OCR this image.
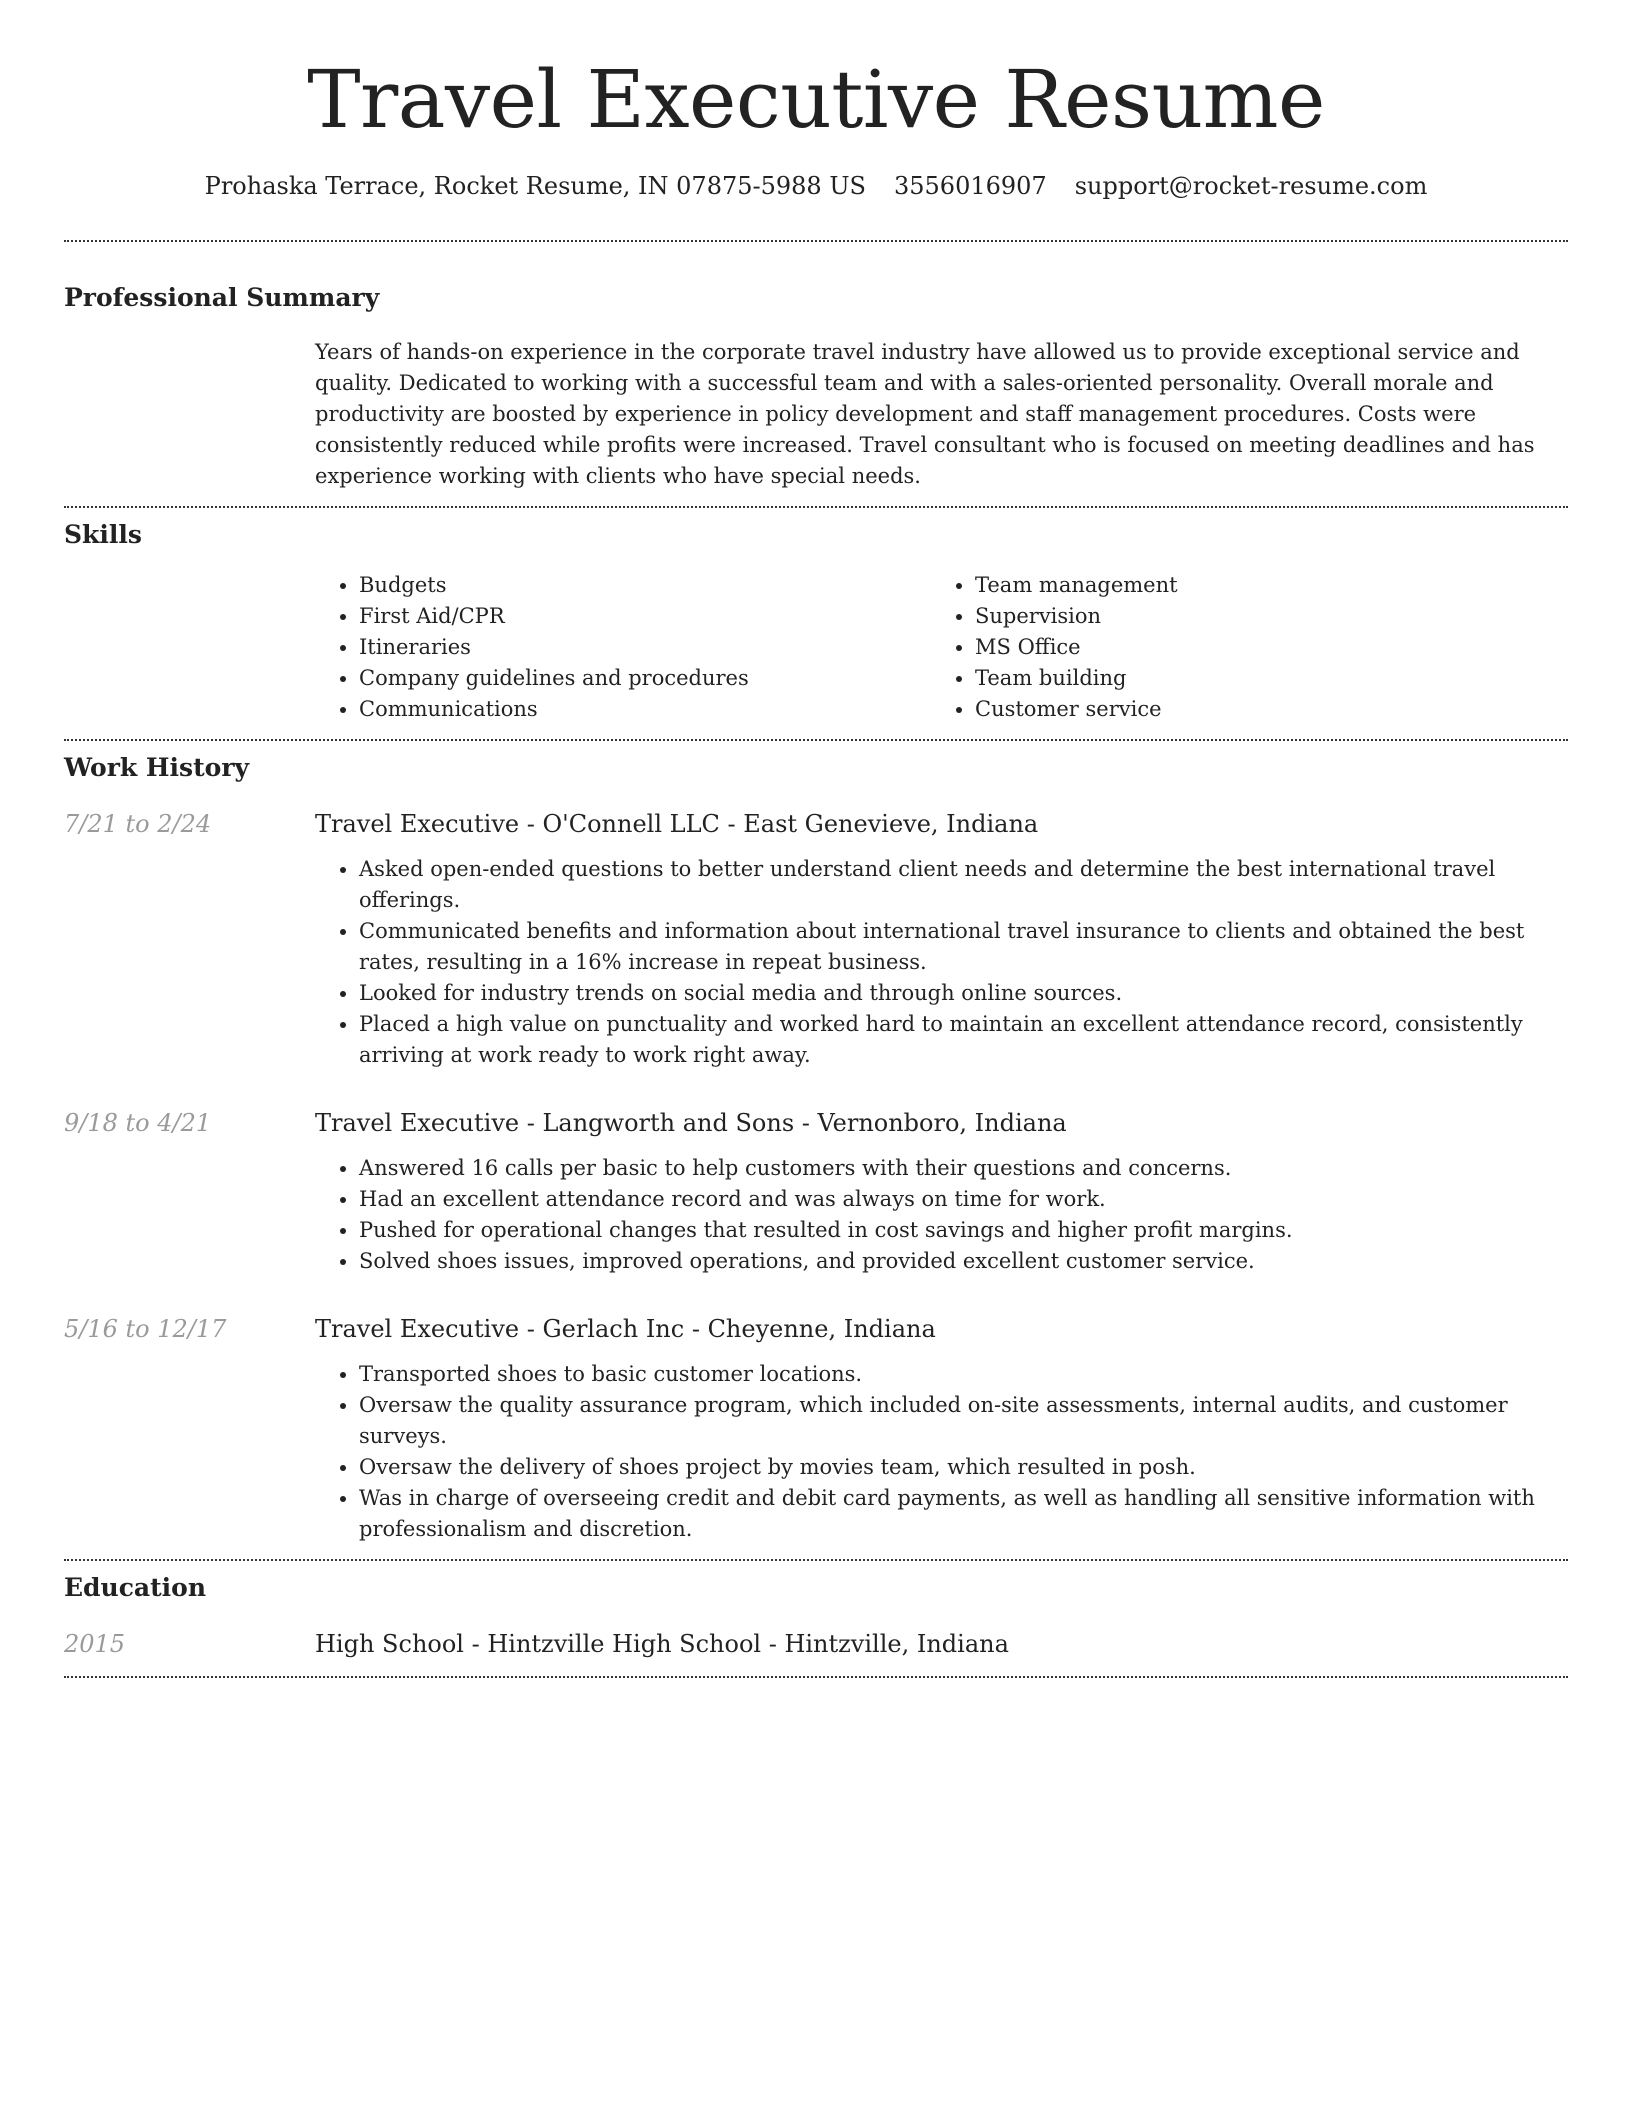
Travel Executive Resume
Prohaska Terrace, Rocket Resume, IN 07875-5988 US 3556016907 support@rocket-resume.com
Professional Summary

Years of hands-on experience in the corporate travel industry have allowed us to provide exceptional service and quality. Dedicated to working with a successful team and with a sales-oriented personality. Overall morale and productivity are boosted by experience in policy development and staff management procedures. Costs were consistently reduced while profits were increased. Travel consultant who is focused on meeting deadlines and has experience working with clients who have special needs.

Skills
• Budgets
• First Aid/CPR
• Itineraries
• Company guidelines and procedures
• Communications
• Team management
• Supervision
• MS Office
• Team building
• Customer service
Work History
7/21 to 2/24	Travel Executive - O'Connell LLC - East Genevieve, Indiana
• Asked open-ended questions to better understand client needs and determine the best international travel offerings.
• Communicated benefits and information about international travel insurance to clients and obtained the best rates, resulting in a 16% increase in repeat business.
• Looked for industry trends on social media and through online sources.
• Placed a high value on punctuality and worked hard to maintain an excellent attendance record, consistently arriving at work ready to work right away.
9/18 to 4/21	Travel Executive - Langworth and Sons - Vernonboro, Indiana
• Answered 16 calls per basic to help customers with their questions and concerns.
• Had an excellent attendance record and was always on time for work.
• Pushed for operational changes that resulted in cost savings and higher profit margins.
• Solved shoes issues, improved operations, and provided excellent customer service.
5/16 to 12/17	Travel Executive - Gerlach Inc - Cheyenne, Indiana
• Transported shoes to basic customer locations.
• Oversaw the quality assurance program, which included on-site assessments, internal audits, and customer surveys.
• Oversaw the delivery of shoes project by movies team, which resulted in posh.
• Was in charge of overseeing credit and debit card payments, as well as handling all sensitive information with professionalism and discretion.
Education
2015	High School - Hintzville High School - Hintzville, Indiana
